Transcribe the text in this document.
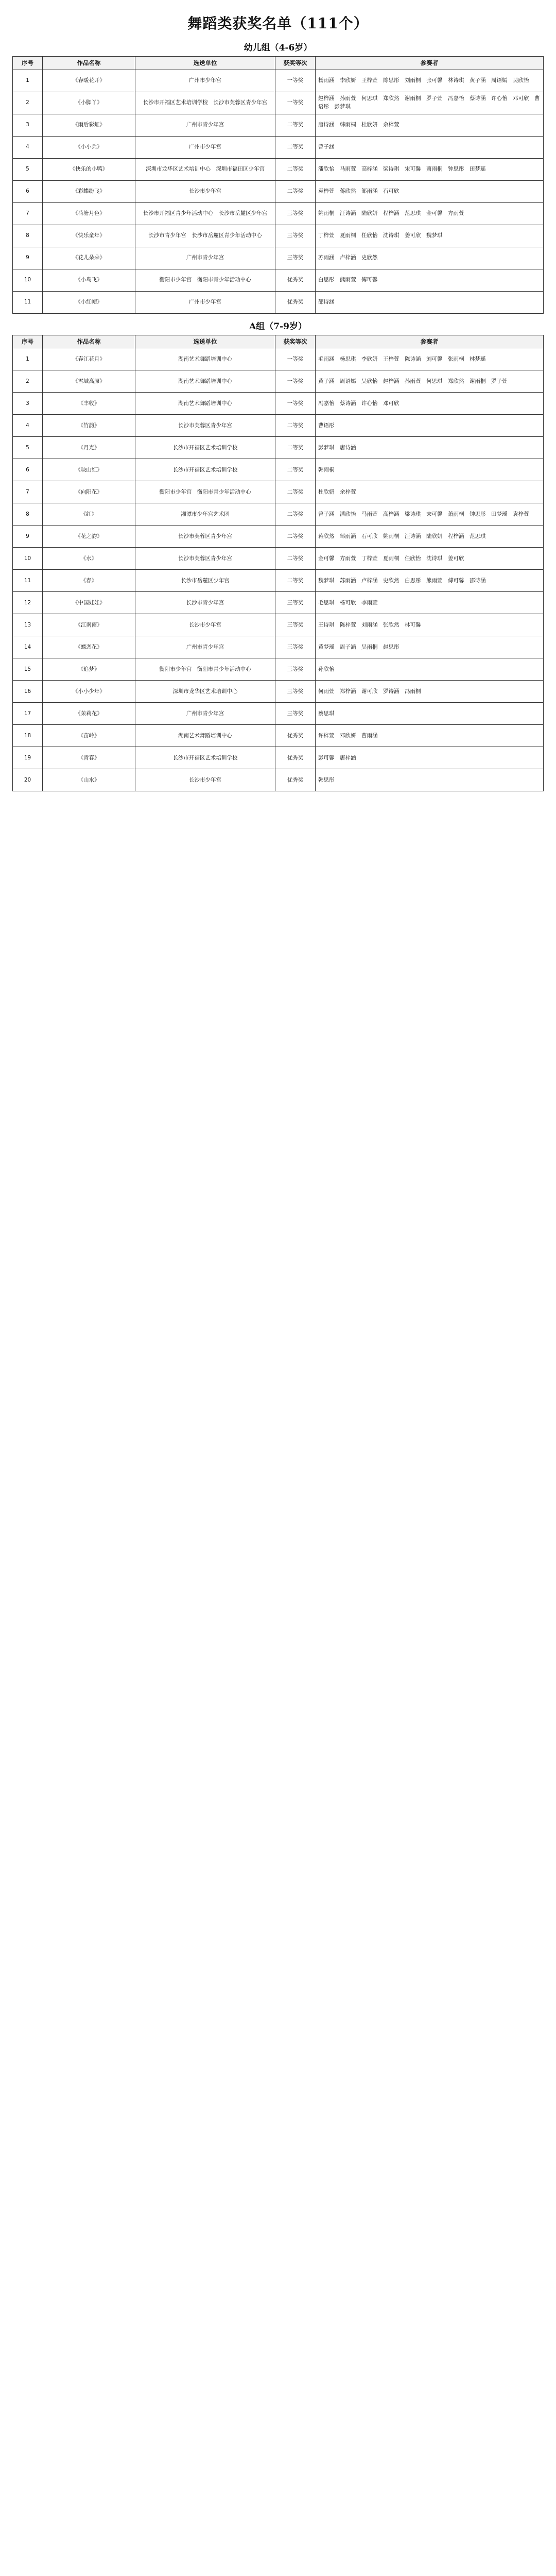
舞蹈类获奖名单（111个）
幼儿组（4-6岁）
序号	作品名称	选送单位	获奖等次	参赛者
1	《春暖花开》	广州市少年宫	一等奖	杨雨涵　李欣妍　王梓萱　陈思彤　刘雨桐　张可馨　林诗琪　黄子涵　周语嫣　吴欣怡
2	《小脚丫》	长沙市开福区艺术培训学校　长沙市芙蓉区青少年宫	一等奖	赵梓涵　孙雨萱　何思琪　郑欣然　谢雨桐　罗子萱　冯嘉怡　蔡诗涵　许心怡　邓可欣　曹语彤　彭梦琪
3	《雨后彩虹》	广州市青少年宫	二等奖	唐诗涵　韩雨桐　杜欣妍　余梓萱
4	《小小兵》	广州市少年宫	二等奖	曾子涵
5	《快乐的小鸭》	深圳市龙华区艺术培训中心　深圳市福田区少年宫	二等奖	潘欣怡　马雨萱　高梓涵　梁诗琪　宋可馨　萧雨桐　钟思彤　田梦瑶
6	《彩蝶纷飞》	长沙市少年宫	二等奖	袁梓萱　蒋欣然　邹雨涵　石可欣
7	《荷塘月色》	长沙市开福区青少年活动中心　长沙市岳麓区少年宫	三等奖	姚雨桐　汪诗涵　陆欣妍　程梓涵　范思琪　金可馨　方雨萱
8	《快乐童年》	长沙市青少年宫　长沙市岳麓区青少年活动中心	三等奖	丁梓萱　夏雨桐　任欣怡　沈诗琪　姜可欣　魏梦琪
9	《花儿朵朵》	广州市青少年宫	三等奖	苏雨涵　卢梓涵　史欣然
10	《小鸟飞》	衡阳市少年宫　衡阳市青少年活动中心	优秀奖	白思彤　熊雨萱　傅可馨
11	《小红帽》	广州市少年宫	优秀奖	邵诗涵
A组（7-9岁）
序号	作品名称	选送单位	获奖等次	参赛者
1	《春江花月》	湖南艺术舞蹈培训中心	一等奖	毛雨涵　杨思琪　李欣妍　王梓萱　陈诗涵　刘可馨　张雨桐　林梦瑶
2	《雪域高原》	湖南艺术舞蹈培训中心	一等奖	黄子涵　周语嫣　吴欣怡　赵梓涵　孙雨萱　何思琪　郑欣然　谢雨桐　罗子萱
3	《丰收》	湖南艺术舞蹈培训中心	一等奖	冯嘉怡　蔡诗涵　许心怡　邓可欣
4	《竹韵》	长沙市芙蓉区青少年宫	二等奖	曹语彤
5	《月光》	长沙市开福区艺术培训学校	二等奖	彭梦琪　唐诗涵
6	《映山红》	长沙市开福区艺术培训学校	二等奖	韩雨桐
7	《向阳花》	衡阳市少年宫　衡阳市青少年活动中心	二等奖	杜欣妍　余梓萱
8	《红》	湘潭市少年宫艺术团	二等奖	曾子涵　潘欣怡　马雨萱　高梓涵　梁诗琪　宋可馨　萧雨桐　钟思彤　田梦瑶　袁梓萱
9	《花之韵》	长沙市芙蓉区青少年宫	二等奖	蒋欣然　邹雨涵　石可欣　姚雨桐　汪诗涵　陆欣妍　程梓涵　范思琪
10	《水》	长沙市芙蓉区青少年宫	二等奖	金可馨　方雨萱　丁梓萱　夏雨桐　任欣怡　沈诗琪　姜可欣
11	《春》	长沙市岳麓区少年宫	二等奖	魏梦琪　苏雨涵　卢梓涵　史欣然　白思彤　熊雨萱　傅可馨　邵诗涵
12	《中国娃娃》	长沙市青少年宫	三等奖	毛思琪　杨可欣　李雨萱
13	《江南雨》	长沙市少年宫	三等奖	王诗琪　陈梓萱　刘雨涵　张欣然　林可馨
14	《蝶恋花》	广州市青少年宫	三等奖	黄梦瑶　周子涵　吴雨桐　赵思彤
15	《追梦》	衡阳市少年宫　衡阳市青少年活动中心	三等奖	孙欣怡
16	《小小少年》	深圳市龙华区艺术培训中心	三等奖	何雨萱　郑梓涵　谢可欣　罗诗涵　冯雨桐
17	《茉莉花》	广州市青少年宫	三等奖	蔡思琪
18	《苗岭》	湖南艺术舞蹈培训中心	优秀奖	许梓萱　邓欣妍　曹雨涵
19	《青春》	长沙市开福区艺术培训学校	优秀奖	彭可馨　唐梓涵
20	《山水》	长沙市少年宫	优秀奖	韩思彤
